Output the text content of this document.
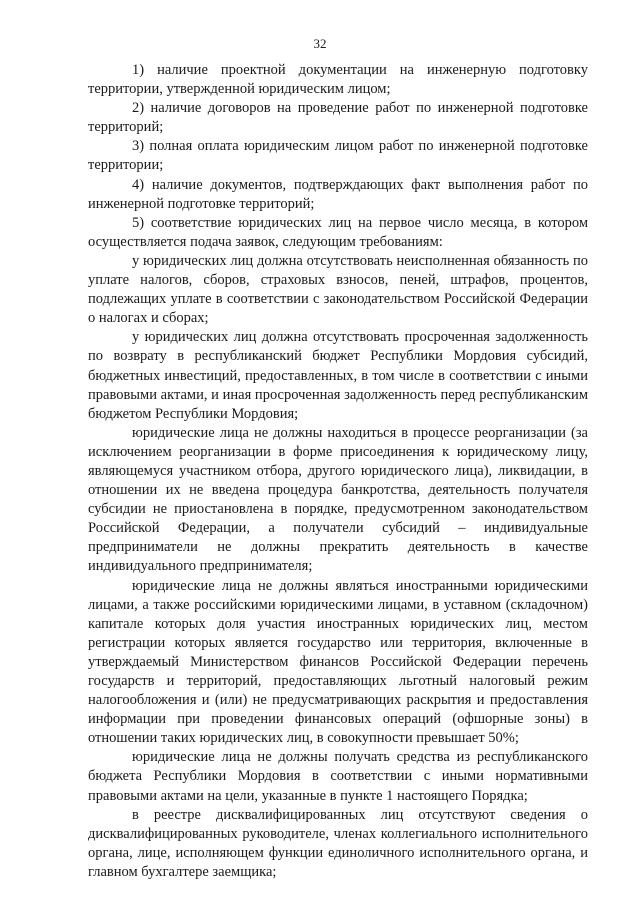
32

1) наличие проектной документации на инженерную подготовку территории, утвержденной юридическим лицом;

2) наличие договоров на проведение работ по инженерной подготовке территорий;

3) полная оплата юридическим лицом работ по инженерной подготовке территории;

4) наличие документов, подтверждающих факт выполнения работ по инженерной подготовке территорий;

5) соответствие юридических лиц на первое число месяца, в котором осуществляется подача заявок, следующим требованиям:

у юридических лиц должна отсутствовать неисполненная обязанность по уплате налогов, сборов, страховых взносов, пеней, штрафов, процентов, подлежащих уплате в соответствии с законодательством Российской Федерации о налогах и сборах;

у юридических лиц должна отсутствовать просроченная задолженность по возврату в республиканский бюджет Республики Мордовия субсидий, бюджетных инвестиций, предоставленных, в том числе в соответствии с иными правовыми актами, и иная просроченная задолженность перед республиканским бюджетом Республики Мордовия;

юридические лица не должны находиться в процессе реорганизации (за исключением реорганизации в форме присоединения к юридическому лицу, являющемуся участником отбора, другого юридического лица), ликвидации, в отношении их не введена процедура банкротства, деятельность получателя субсидии не приостановлена в порядке, предусмотренном законодательством Российской Федерации, а получатели субсидий – индивидуальные предприниматели не должны прекратить деятельность в качестве индивидуального предпринимателя;

юридические лица не должны являться иностранными юридическими лицами, а также российскими юридическими лицами, в уставном (складочном) капитале которых доля участия иностранных юридических лиц, местом регистрации которых является государство или территория, включенные в утверждаемый Министерством финансов Российской Федерации перечень государств и территорий, предоставляющих льготный налоговый режим налогообложения и (или) не предусматривающих раскрытия и предоставления информации при проведении финансовых операций (офшорные зоны) в отношении таких юридических лиц, в совокупности превышает 50%;

юридические лица не должны получать средства из республиканского бюджета Республики Мордовия в соответствии с иными нормативными правовыми актами на цели, указанные в пункте 1 настоящего Порядка;

в реестре дисквалифицированных лиц отсутствуют сведения о дисквалифицированных руководителе, членах коллегиального исполнительного органа, лице, исполняющем функции единоличного исполнительного органа, и главном бухгалтере заемщика;
